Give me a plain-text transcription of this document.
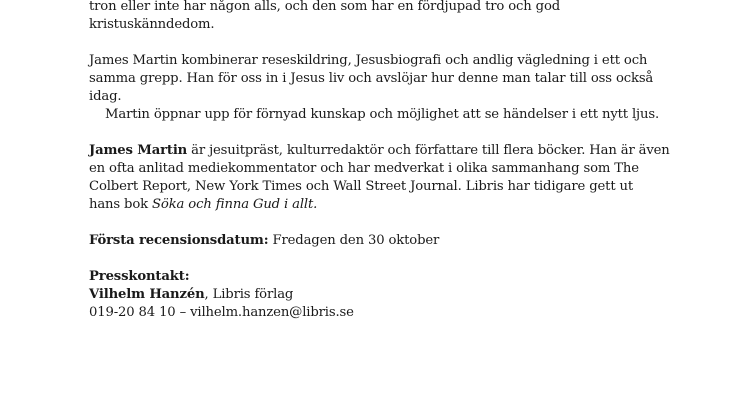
tron eller inte har någon alls, och den som har en fördjupad tro och god

kristuskänndedom.

James Martin kombinerar reseskildring, Jesusbiografi och andlig vägledning i ett och

samma grepp. Han för oss in i Jesus liv och avslöjar hur denne man talar till oss också

idag.

Martin öppnar upp för förnyad kunskap och möjlighet att se händelser i ett nytt ljus.

James Martin är jesuitpräst, kulturredaktör och författare till flera böcker. Han är även

en ofta anlitad mediekommentator och har medverkat i olika sammanhang som The

Colbert Report, New York Times och Wall Street Journal. Libris har tidigare gett ut

hans bok Söka och finna Gud i allt.

Första recensionsdatum: Fredagen den 30 oktober

Presskontakt:

Vilhelm Hanzén, Libris förlag

019-20 84 10 – vilhelm.hanzen@libris.se
